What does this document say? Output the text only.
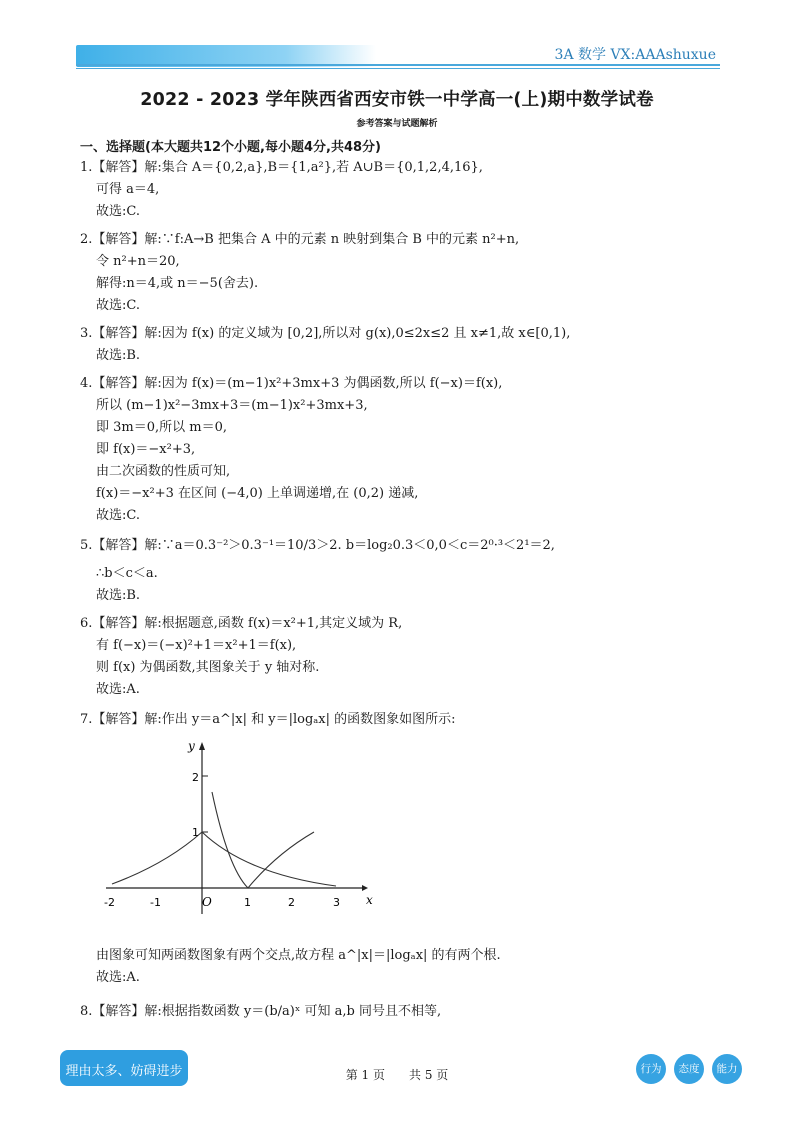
3A 数学 VX:AAAshuxue
2022 - 2023 学年陕西省西安市铁一中学高一(上)期中数学试卷
参考答案与试题解析
一、选择题(本大题共12个小题,每小题4分,共48分)
1.【解答】解:集合 A＝{0,2,a},B＝{1,a²},若 A∪B＝{0,1,2,4,16},
可得 a＝4,
故选:C.
2.【解答】解:∵f:A→B 把集合 A 中的元素 n 映射到集合 B 中的元素 n²+n,
令 n²+n＝20,
解得:n＝4,或 n＝−5(舍去).
故选:C.
3.【解答】解:因为 f(x) 的定义域为 [0,2],所以对 g(x),0≤2x≤2 且 x≠1,故 x∈[0,1),
故选:B.
4.【解答】解:因为 f(x)＝(m−1)x²+3mx+3 为偶函数,所以 f(−x)＝f(x),
所以 (m−1)x²−3mx+3＝(m−1)x²+3mx+3,
即 3m＝0,所以 m＝0,
即 f(x)＝−x²+3,
由二次函数的性质可知,
f(x)＝−x²+3 在区间 (−4,0) 上单调递增,在 (0,2) 递减,
故选:C.
5.【解答】解:∵a＝0.3⁻²＞0.3⁻¹＝10/3＞2. b＝log₂0.3＜0,0＜c＝2⁰·³＜2¹＝2,
∴b＜c＜a.
故选:B.
6.【解答】解:根据题意,函数 f(x)＝x²+1,其定义域为 R,
有 f(−x)＝(−x)²+1＝x²+1＝f(x),
则 f(x) 为偶函数,其图象关于 y 轴对称.
故选:A.
7.【解答】解:作出 y＝a^|x| 和 y＝|logₐx| 的函数图象如图所示:
y
x
2
1
O
-2	-1	1	2	3
由图象可知两函数图象有两个交点,故方程 a^|x|＝|logₐx| 的有两个根.
故选:A.
8.【解答】解:根据指数函数 y＝(b/a)ˣ 可知 a,b 同号且不相等,
理由太多、妨碍进步	第 1 页　　共 5 页	行为	态度	能力
